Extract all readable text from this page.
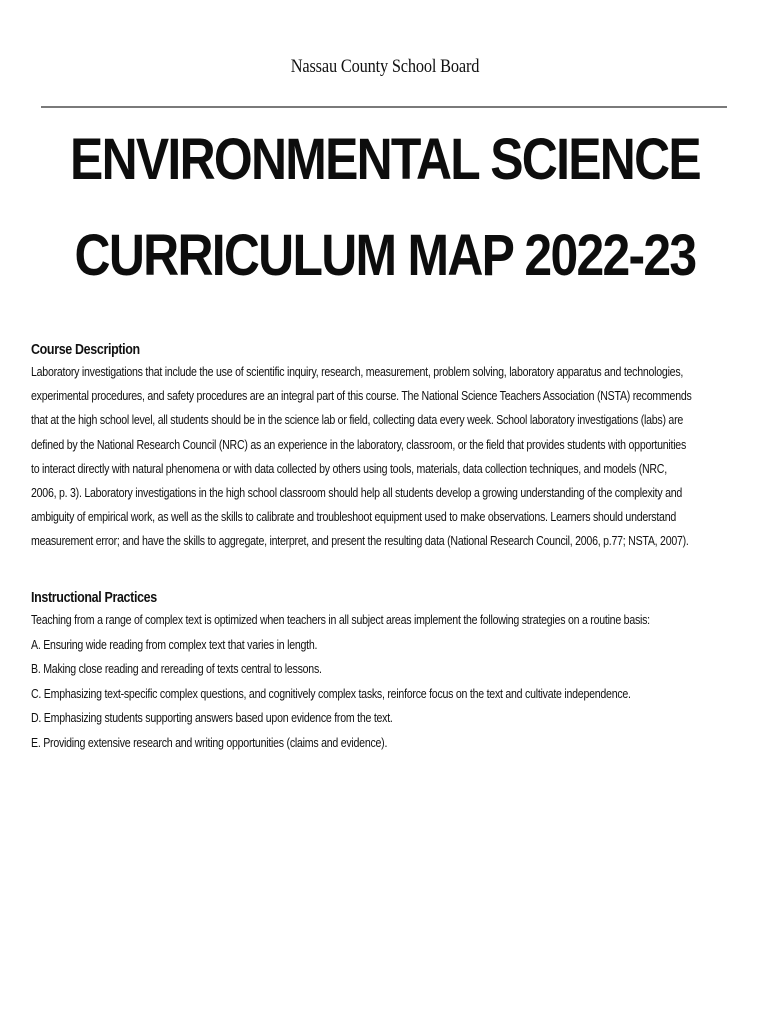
Nassau County School Board
ENVIRONMENTAL SCIENCE
CURRICULUM MAP 2022-23
Course Description
Laboratory investigations that include the use of scientific inquiry, research, measurement, problem solving, laboratory apparatus and technologies,
experimental procedures, and safety procedures are an integral part of this course. The National Science Teachers Association (NSTA) recommends
that at the high school level, all students should be in the science lab or field, collecting data every week. School laboratory investigations (labs) are
defined by the National Research Council (NRC) as an experience in the laboratory, classroom, or the field that provides students with opportunities
to interact directly with natural phenomena or with data collected by others using tools, materials, data collection techniques, and models (NRC,
2006, p. 3). Laboratory investigations in the high school classroom should help all students develop a growing understanding of the complexity and
ambiguity of empirical work, as well as the skills to calibrate and troubleshoot equipment used to make observations. Learners should understand
measurement error; and have the skills to aggregate, interpret, and present the resulting data (National Research Council, 2006, p.77; NSTA, 2007).
Instructional Practices
Teaching from a range of complex text is optimized when teachers in all subject areas implement the following strategies on a routine basis:
A. Ensuring wide reading from complex text that varies in length.
B. Making close reading and rereading of texts central to lessons.
C. Emphasizing text-specific complex questions, and cognitively complex tasks, reinforce focus on the text and cultivate independence.
D. Emphasizing students supporting answers based upon evidence from the text.
E. Providing extensive research and writing opportunities (claims and evidence).
